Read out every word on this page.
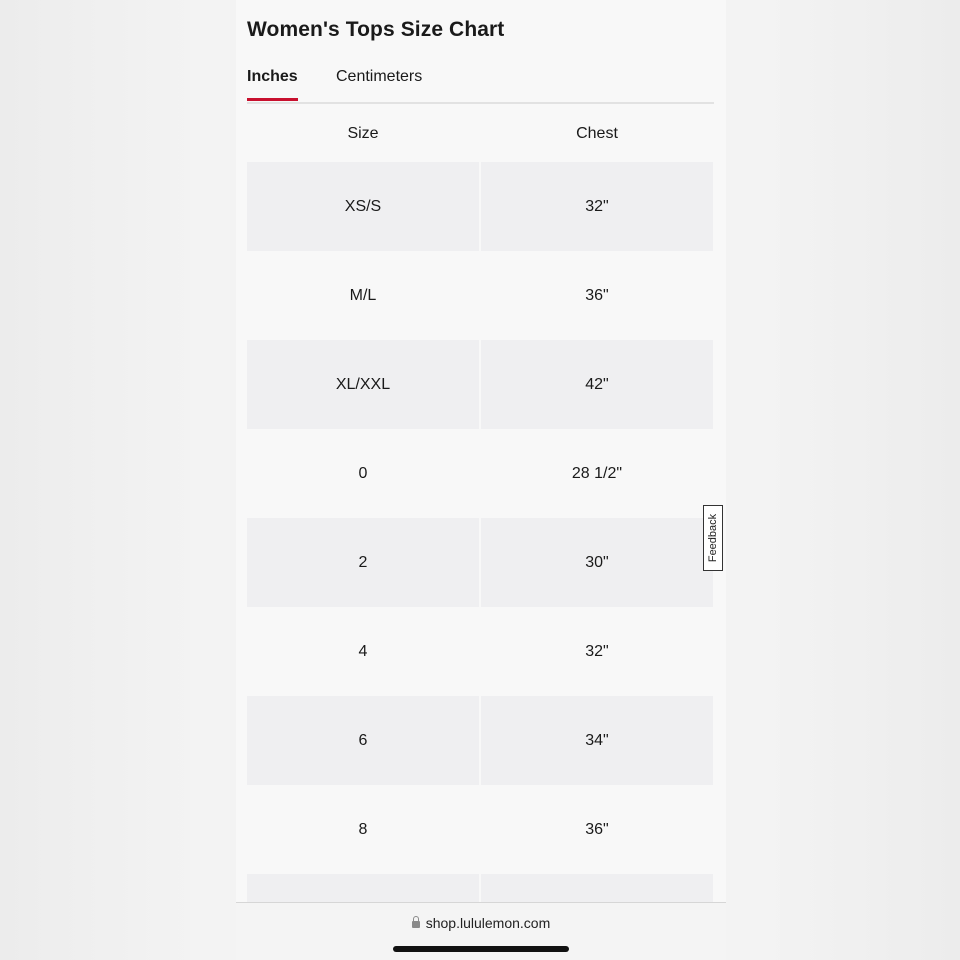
Women's Tops Size Chart
Inches Centimeters
Size	Chest
XS/S	32"
M/L	36"
XL/XXL	42"
0	28 1/2"
2	30"
4	32"
6	34"
8	36"
Feedback
shop.lululemon.com
